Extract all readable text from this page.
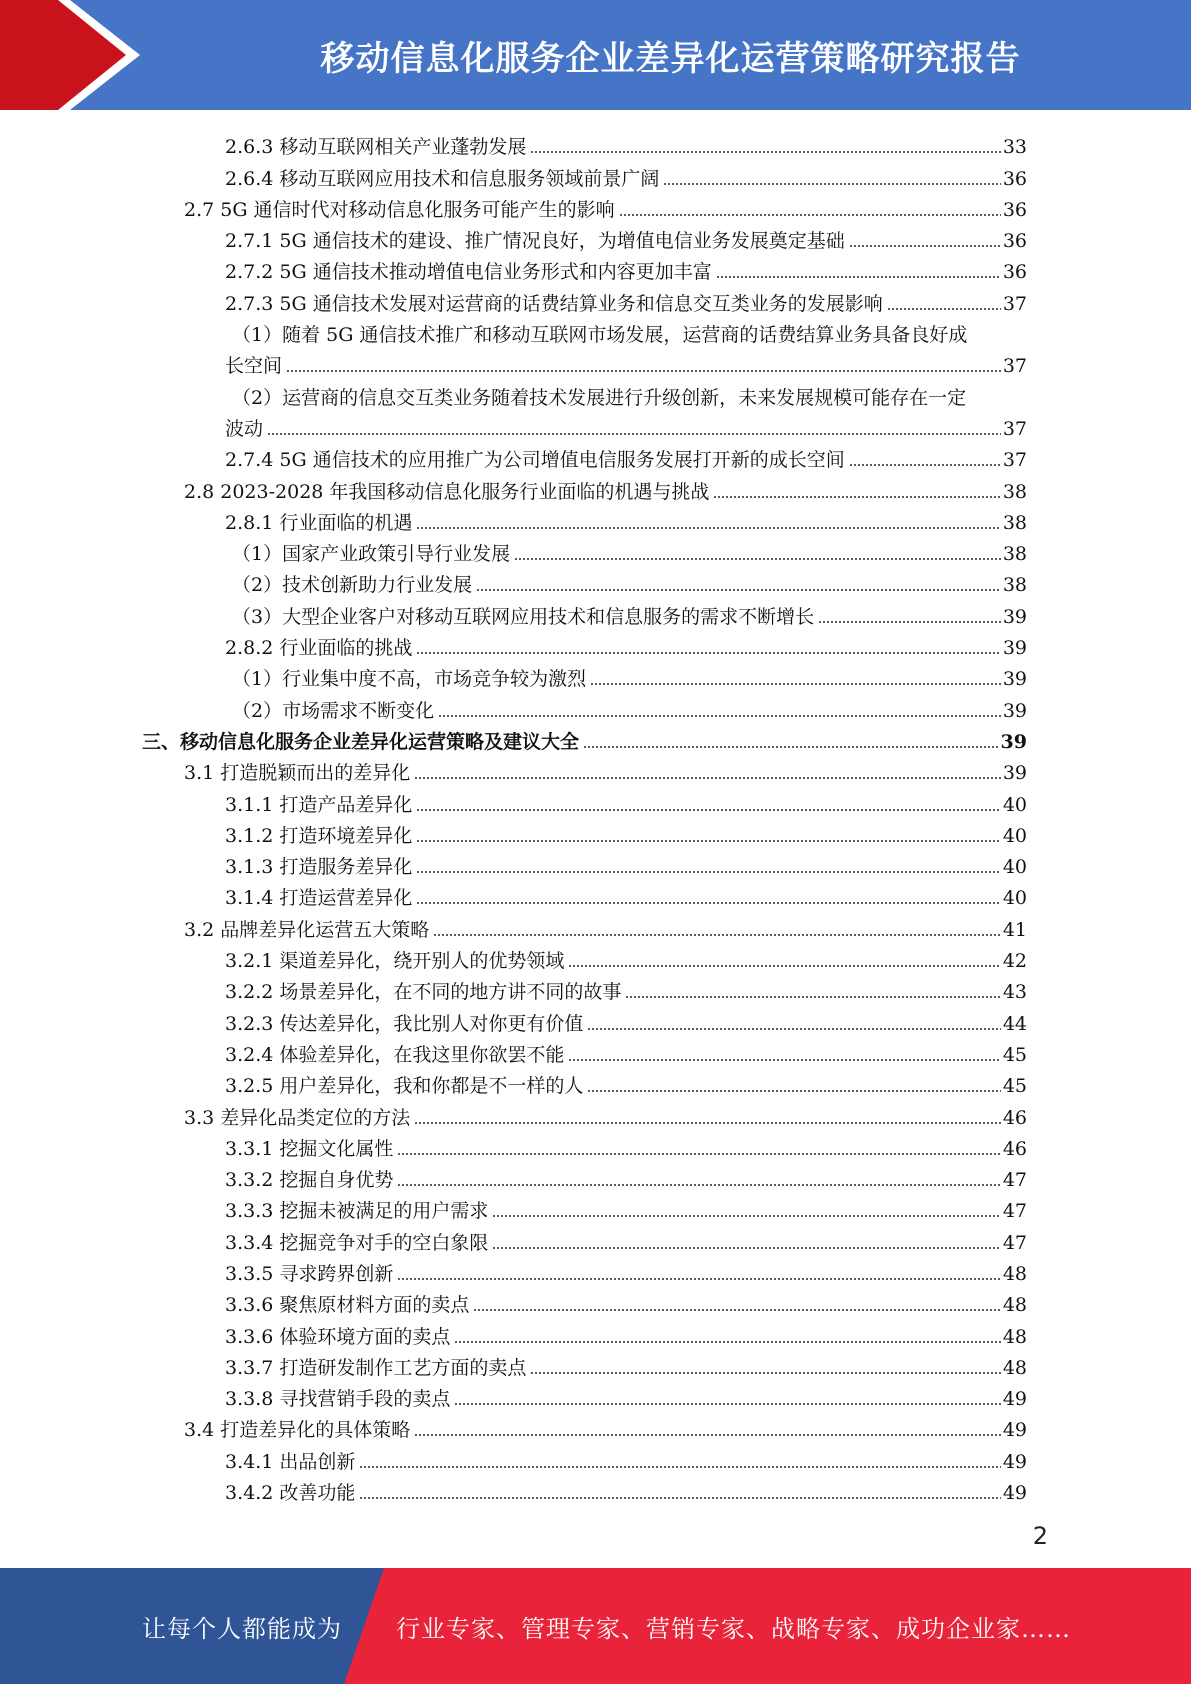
移动信息化服务企业差异化运营策略研究报告
2.6.3 移动互联网相关产业蓬勃发展	33
2.6.4 移动互联网应用技术和信息服务领域前景广阔	36
2.7 5G 通信时代对移动信息化服务可能产生的影响	36
2.7.1 5G 通信技术的建设、推广情况良好，为增值电信业务发展奠定基础	36
2.7.2 5G 通信技术推动增值电信业务形式和内容更加丰富	36
2.7.3 5G 通信技术发展对运营商的话费结算业务和信息交互类业务的发展影响	37
（1）随着 5G 通信技术推广和移动互联网市场发展，运营商的话费结算业务具备良好成
长空间	37
（2）运营商的信息交互类业务随着技术发展进行升级创新，未来发展规模可能存在一定
波动	37
2.7.4 5G 通信技术的应用推广为公司增值电信服务发展打开新的成长空间	37
2.8 2023-2028 年我国移动信息化服务行业面临的机遇与挑战	38
2.8.1 行业面临的机遇	38
（1）国家产业政策引导行业发展	38
（2）技术创新助力行业发展	38
（3）大型企业客户对移动互联网应用技术和信息服务的需求不断增长	39
2.8.2 行业面临的挑战	39
（1）行业集中度不高，市场竞争较为激烈	39
（2）市场需求不断变化	39
三、移动信息化服务企业差异化运营策略及建议大全	39
3.1 打造脱颖而出的差异化	39
3.1.1 打造产品差异化	40
3.1.2 打造环境差异化	40
3.1.3 打造服务差异化	40
3.1.4 打造运营差异化	40
3.2 品牌差异化运营五大策略	41
3.2.1 渠道差异化，绕开别人的优势领域	42
3.2.2 场景差异化，在不同的地方讲不同的故事	43
3.2.3 传达差异化，我比别人对你更有价值	44
3.2.4 体验差异化，在我这里你欲罢不能	45
3.2.5 用户差异化，我和你都是不一样的人	45
3.3 差异化品类定位的方法	46
3.3.1 挖掘文化属性	46
3.3.2 挖掘自身优势	47
3.3.3 挖掘未被满足的用户需求	47
3.3.4 挖掘竞争对手的空白象限	47
3.3.5 寻求跨界创新	48
3.3.6 聚焦原材料方面的卖点	48
3.3.6 体验环境方面的卖点	48
3.3.7 打造研发制作工艺方面的卖点	48
3.3.8 寻找营销手段的卖点	49
3.4 打造差异化的具体策略	49
3.4.1 出品创新	49
3.4.2 改善功能	49
2
让每个人都能成为 行业专家、管理专家、营销专家、战略专家、成功企业家……
